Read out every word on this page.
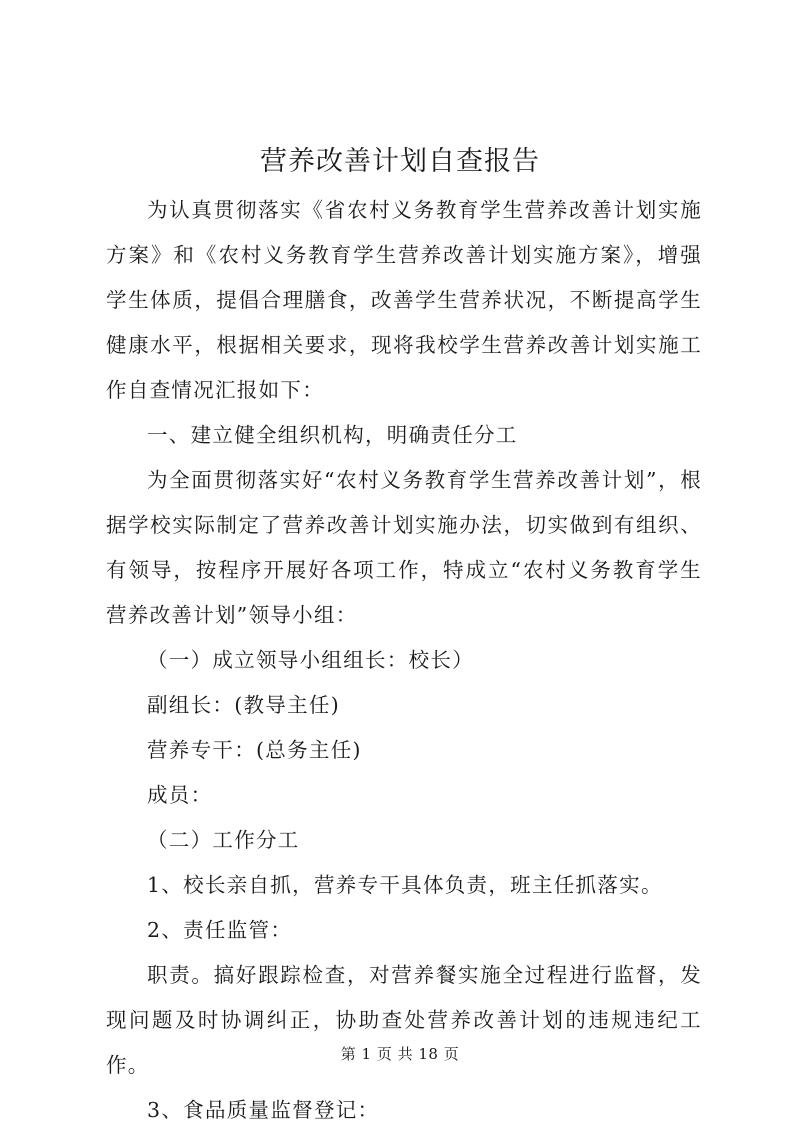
营养改善计划自查报告

为认真贯彻落实《省农村义务教育学生营养改善计划实施方案》和《农村义务教育学生营养改善计划实施方案》，增强学生体质，提倡合理膳食，改善学生营养状况，不断提高学生健康水平，根据相关要求，现将我校学生营养改善计划实施工作自查情况汇报如下：

一、建立健全组织机构，明确责任分工

为全面贯彻落实好“农村义务教育学生营养改善计划”，根据学校实际制定了营养改善计划实施办法，切实做到有组织、有领导，按程序开展好各项工作，特成立“农村义务教育学生营养改善计划”领导小组：

（一）成立领导小组组长：校长）

副组长：(教导主任)

营养专干：(总务主任)

成员：

（二）工作分工

1、校长亲自抓，营养专干具体负责，班主任抓落实。

2、责任监管：

职责。搞好跟踪检查，对营养餐实施全过程进行监督，发现问题及时协调纠正，协助查处营养改善计划的违规违纪工作。

3、食品质量监督登记：

第 1 页 共 18 页
